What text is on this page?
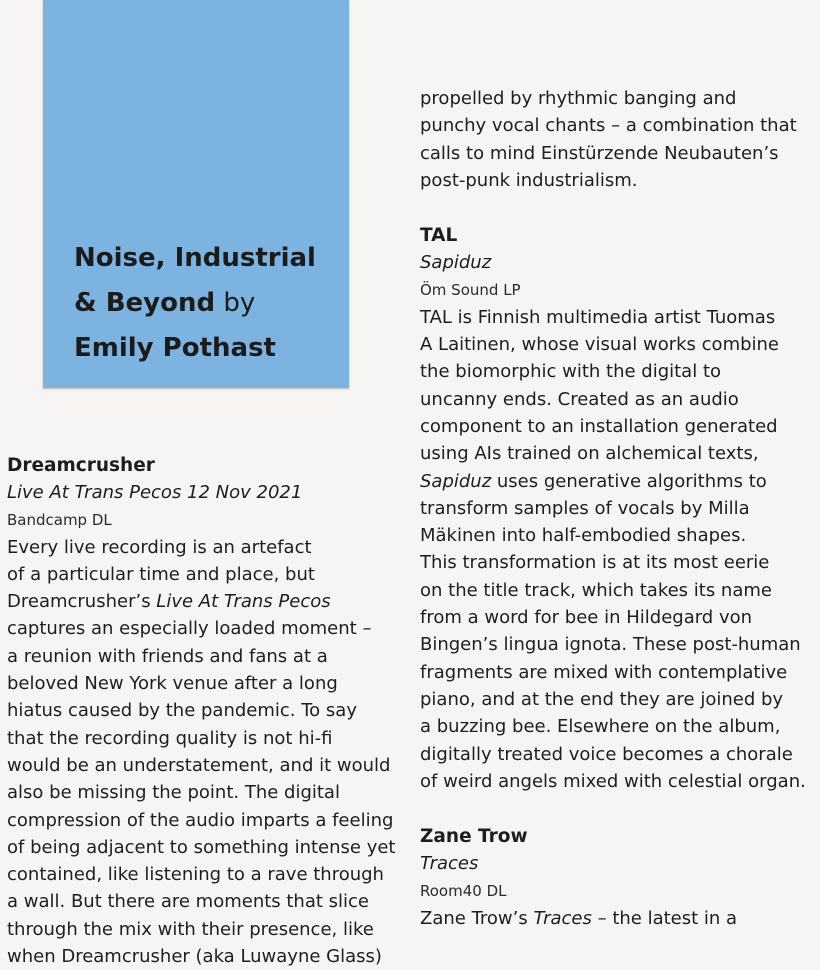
Noise, Industrial
& Beyond by
Emily Pothast
Dreamcrusher
Live At Trans Pecos 12 Nov 2021
Bandcamp DL

Every live recording is an artefact

of a particular time and place, but

Dreamcrusher’s Live At Trans Pecos

captures an especially loaded moment –

a reunion with friends and fans at a

beloved New York venue after a long

hiatus caused by the pandemic. To say

that the recording quality is not hi-fi

would be an understatement, and it would

also be missing the point. The digital

compression of the audio imparts a feeling

of being adjacent to something intense yet

contained, like listening to a rave through

a wall. But there are moments that slice

through the mix with their presence, like

when Dreamcrusher (aka Luwayne Glass)

propelled by rhythmic banging and

punchy vocal chants – a combination that

calls to mind Einstürzende Neubauten’s

post-punk industrialism.

TAL
Sapiduz
Öm Sound LP

TAL is Finnish multimedia artist Tuomas

A Laitinen, whose visual works combine

the biomorphic with the digital to

uncanny ends. Created as an audio

component to an installation generated

using AIs trained on alchemical texts,

Sapiduz uses generative algorithms to

transform samples of vocals by Milla

Mäkinen into half-embodied shapes.

This transformation is at its most eerie

on the title track, which takes its name

from a word for bee in Hildegard von

Bingen’s lingua ignota. These post-human

fragments are mixed with contemplative

piano, and at the end they are joined by

a buzzing bee. Elsewhere on the album,

digitally treated voice becomes a chorale

of weird angels mixed with celestial organ.

Zane Trow
Traces
Room40 DL

Zane Trow’s Traces – the latest in a
